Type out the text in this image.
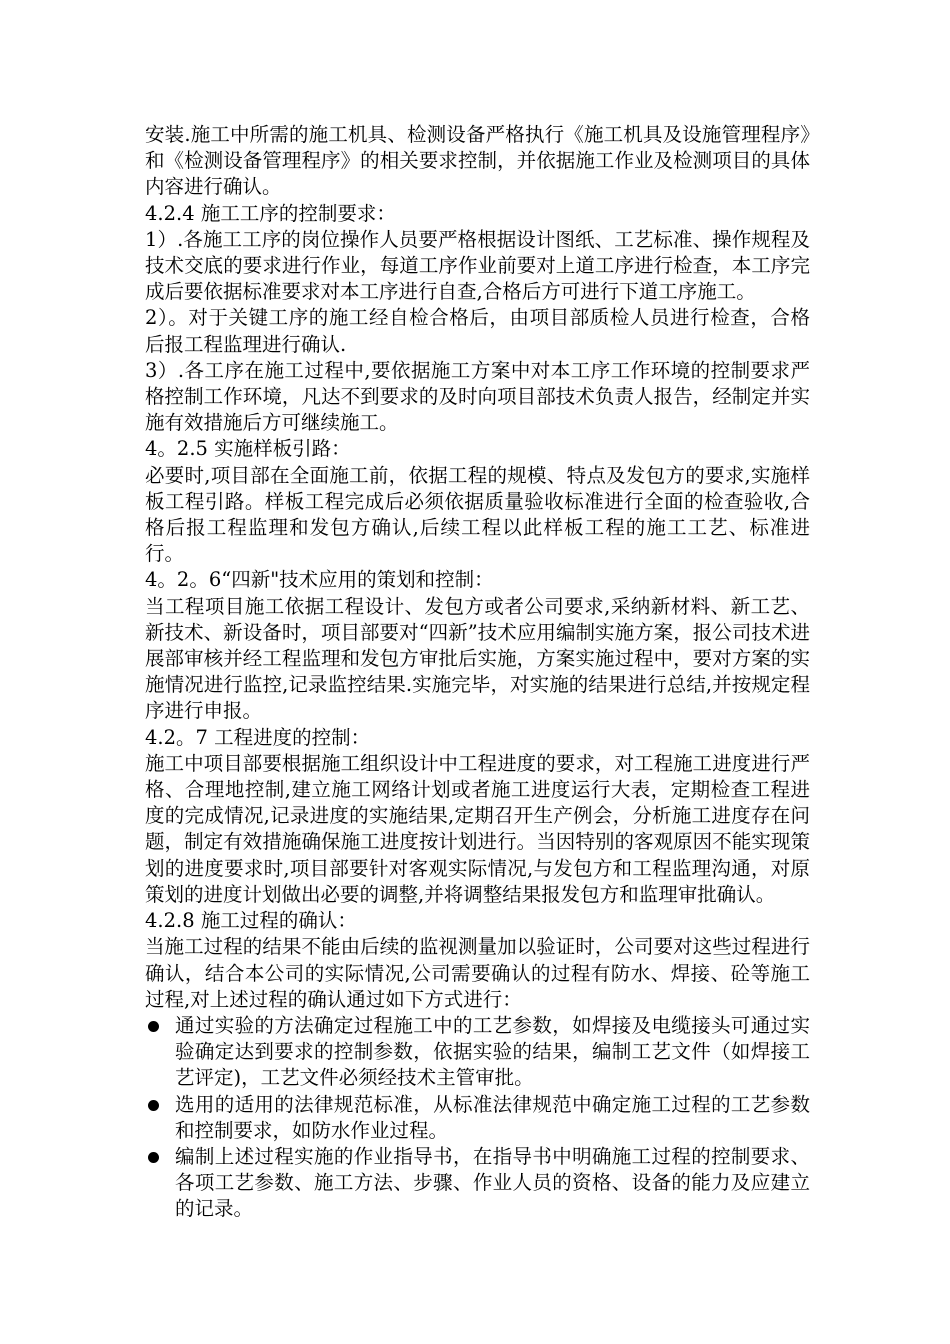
安装.施工中所需的施工机具、检测设备严格执行《施工机具及设施管理程序》和《检测设备管理程序》的相关要求控制，并依据施工作业及检测项目的具体内容进行确认。

4.2.4 施工工序的控制要求：

1）.各施工工序的岗位操作人员要严格根据设计图纸、工艺标准、操作规程及技术交底的要求进行作业，每道工序作业前要对上道工序进行检查，本工序完成后要依据标准要求对本工序进行自查,合格后方可进行下道工序施工。

2）。对于关键工序的施工经自检合格后，由项目部质检人员进行检查，合格后报工程监理进行确认.

3）.各工序在施工过程中,要依据施工方案中对本工序工作环境的控制要求严格控制工作环境，凡达不到要求的及时向项目部技术负责人报告，经制定并实施有效措施后方可继续施工。

4。2.5 实施样板引路：

必要时,项目部在全面施工前，依据工程的规模、特点及发包方的要求,实施样板工程引路。样板工程完成后必须依据质量验收标准进行全面的检查验收,合格后报工程监理和发包方确认,后续工程以此样板工程的施工工艺、标准进行。

4。2。6“四新"技术应用的策划和控制：

当工程项目施工依据工程设计、发包方或者公司要求,采纳新材料、新工艺、新技术、新设备时，项目部要对“四新”技术应用编制实施方案，报公司技术进展部审核并经工程监理和发包方审批后实施，方案实施过程中，要对方案的实施情况进行监控,记录监控结果.实施完毕，对实施的结果进行总结,并按规定程序进行申报。

4.2。7 工程进度的控制：

施工中项目部要根据施工组织设计中工程进度的要求，对工程施工进度进行严格、合理地控制,建立施工网络计划或者施工进度运行大表，定期检查工程进度的完成情况,记录进度的实施结果,定期召开生产例会，分析施工进度存在问题，制定有效措施确保施工进度按计划进行。当因特别的客观原因不能实现策划的进度要求时,项目部要针对客观实际情况,与发包方和工程监理沟通，对原策划的进度计划做出必要的调整,并将调整结果报发包方和监理审批确认。

4.2.8 施工过程的确认：

当施工过程的结果不能由后续的监视测量加以验证时，公司要对这些过程进行确认，结合本公司的实际情况,公司需要确认的过程有防水、焊接、砼等施工过程,对上述过程的确认通过如下方式进行：

通过实验的方法确定过程施工中的工艺参数，如焊接及电缆接头可通过实验确定达到要求的控制参数，依据实验的结果，编制工艺文件（如焊接工艺评定)，工艺文件必须经技术主管审批。
选用的适用的法律规范标准，从标准法律规范中确定施工过程的工艺参数和控制要求，如防水作业过程。
编制上述过程实施的作业指导书，在指导书中明确施工过程的控制要求、各项工艺参数、施工方法、步骤、作业人员的资格、设备的能力及应建立的记录。
